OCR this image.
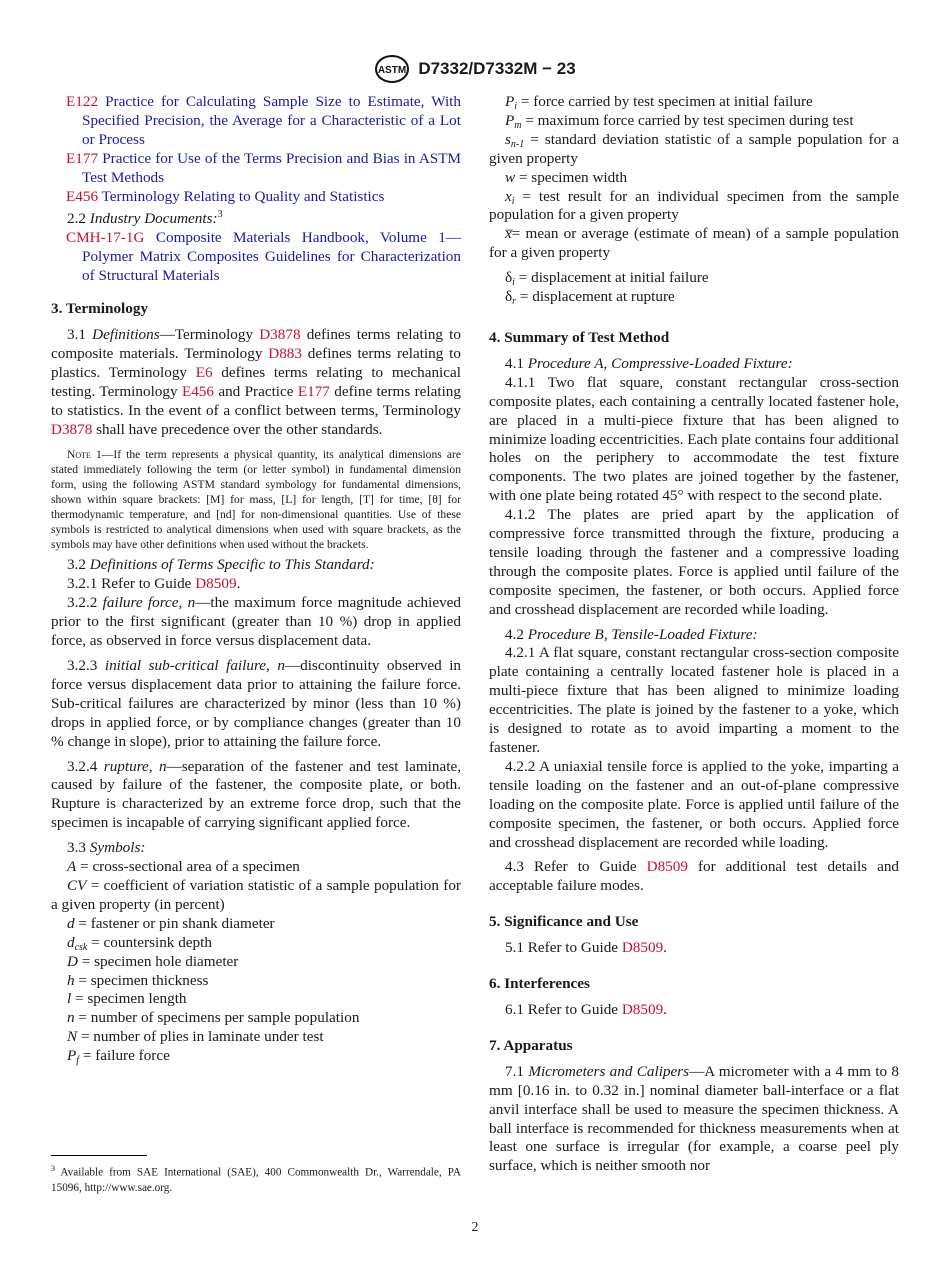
ASTM D7332/D7332M − 23

E122 Practice for Calculating Sample Size to Estimate, With Specified Precision, the Average for a Characteristic of a Lot or Process

E177 Practice for Use of the Terms Precision and Bias in ASTM Test Methods

E456 Terminology Relating to Quality and Statistics

2.2 Industry Documents:$^3$

CMH-17-1G Composite Materials Handbook, Volume 1—Polymer Matrix Composites Guidelines for Characterization of Structural Materials

3. Terminology

3.1 Definitions—Terminology D3878 defines terms relating to composite materials. Terminology D883 defines terms relating to plastics. Terminology E6 defines terms relating to mechanical testing. Terminology E456 and Practice E177 define terms relating to statistics. In the event of a conflict between terms, Terminology D3878 shall have precedence over the other standards.

Note 1—If the term represents a physical quantity, its analytical dimensions are stated immediately following the term (or letter symbol) in fundamental dimension form, using the following ASTM standard symbology for fundamental dimensions, shown within square brackets: [M] for mass, [L] for length, [T] for time, [θ] for thermodynamic temperature, and [nd] for non-dimensional quantities. Use of these symbols is restricted to analytical dimensions when used with square brackets, as the symbols may have other definitions when used without the brackets.

3.2 Definitions of Terms Specific to This Standard:

3.2.1 Refer to Guide D8509.

3.2.2 failure force, n—the maximum force magnitude achieved prior to the first significant (greater than 10 %) drop in applied force, as observed in force versus displacement data.

3.2.3 initial sub-critical failure, n—discontinuity observed in force versus displacement data prior to attaining the failure force. Sub-critical failures are characterized by minor (less than 10 %) drops in applied force, or by compliance changes (greater than 10 % change in slope), prior to attaining the failure force.

3.2.4 rupture, n—separation of the fastener and test laminate, caused by failure of the fastener, the composite plate, or both. Rupture is characterized by an extreme force drop, such that the specimen is incapable of carrying significant applied force.

3.3 Symbols:

A = cross-sectional area of a specimen

CV = coefficient of variation statistic of a sample population for a given property (in percent)

d = fastener or pin shank diameter

$d_{csk}$ = countersink depth

D = specimen hole diameter

h = specimen thickness

l = specimen length

n = number of specimens per sample population

N = number of plies in laminate under test

$P_f$ = failure force

$P_i$ = force carried by test specimen at initial failure

$P_m$ = maximum force carried by test specimen during test

$s_{n-1}$ = standard deviation statistic of a sample population for a given property

w = specimen width

$x_i$ = test result for an individual specimen from the sample population for a given property

x̅= mean or average (estimate of mean) of a sample population for a given property

$\delta_i$ = displacement at initial failure

$\delta_r$ = displacement at rupture

4. Summary of Test Method

4.1 Procedure A, Compressive-Loaded Fixture:

4.1.1 Two flat square, constant rectangular cross-section composite plates, each containing a centrally located fastener hole, are placed in a multi-piece fixture that has been aligned to minimize loading eccentricities. Each plate contains four additional holes on the periphery to accommodate the test fixture components. The two plates are joined together by the fastener, with one plate being rotated 45° with respect to the second plate.

4.1.2 The plates are pried apart by the application of compressive force transmitted through the fixture, producing a tensile loading through the fastener and a compressive loading through the composite plates. Force is applied until failure of the composite specimen, the fastener, or both occurs. Applied force and crosshead displacement are recorded while loading.

4.2 Procedure B, Tensile-Loaded Fixture:

4.2.1 A flat square, constant rectangular cross-section composite plate containing a centrally located fastener hole is placed in a multi-piece fixture that has been aligned to minimize loading eccentricities. The plate is joined by the fastener to a yoke, which is designed to rotate as to avoid imparting a moment to the fastener.

4.2.2 A uniaxial tensile force is applied to the yoke, imparting a tensile loading on the fastener and an out-of-plane compressive loading on the composite plate. Force is applied until failure of the composite specimen, the fastener, or both occurs. Applied force and crosshead displacement are recorded while loading.

4.3 Refer to Guide D8509 for additional test details and acceptable failure modes.

5. Significance and Use

5.1 Refer to Guide D8509.

6. Interferences

6.1 Refer to Guide D8509.

7. Apparatus

7.1 Micrometers and Calipers—A micrometer with a 4 mm to 8 mm [0.16 in. to 0.32 in.] nominal diameter ball-interface or a flat anvil interface shall be used to measure the specimen thickness. A ball interface is recommended for thickness measurements when at least one surface is irregular (for example, a coarse peel ply surface, which is neither smooth nor

$^3$ Available from SAE International (SAE), 400 Commonwealth Dr., Warrendale, PA 15096, http://www.sae.org.
2
